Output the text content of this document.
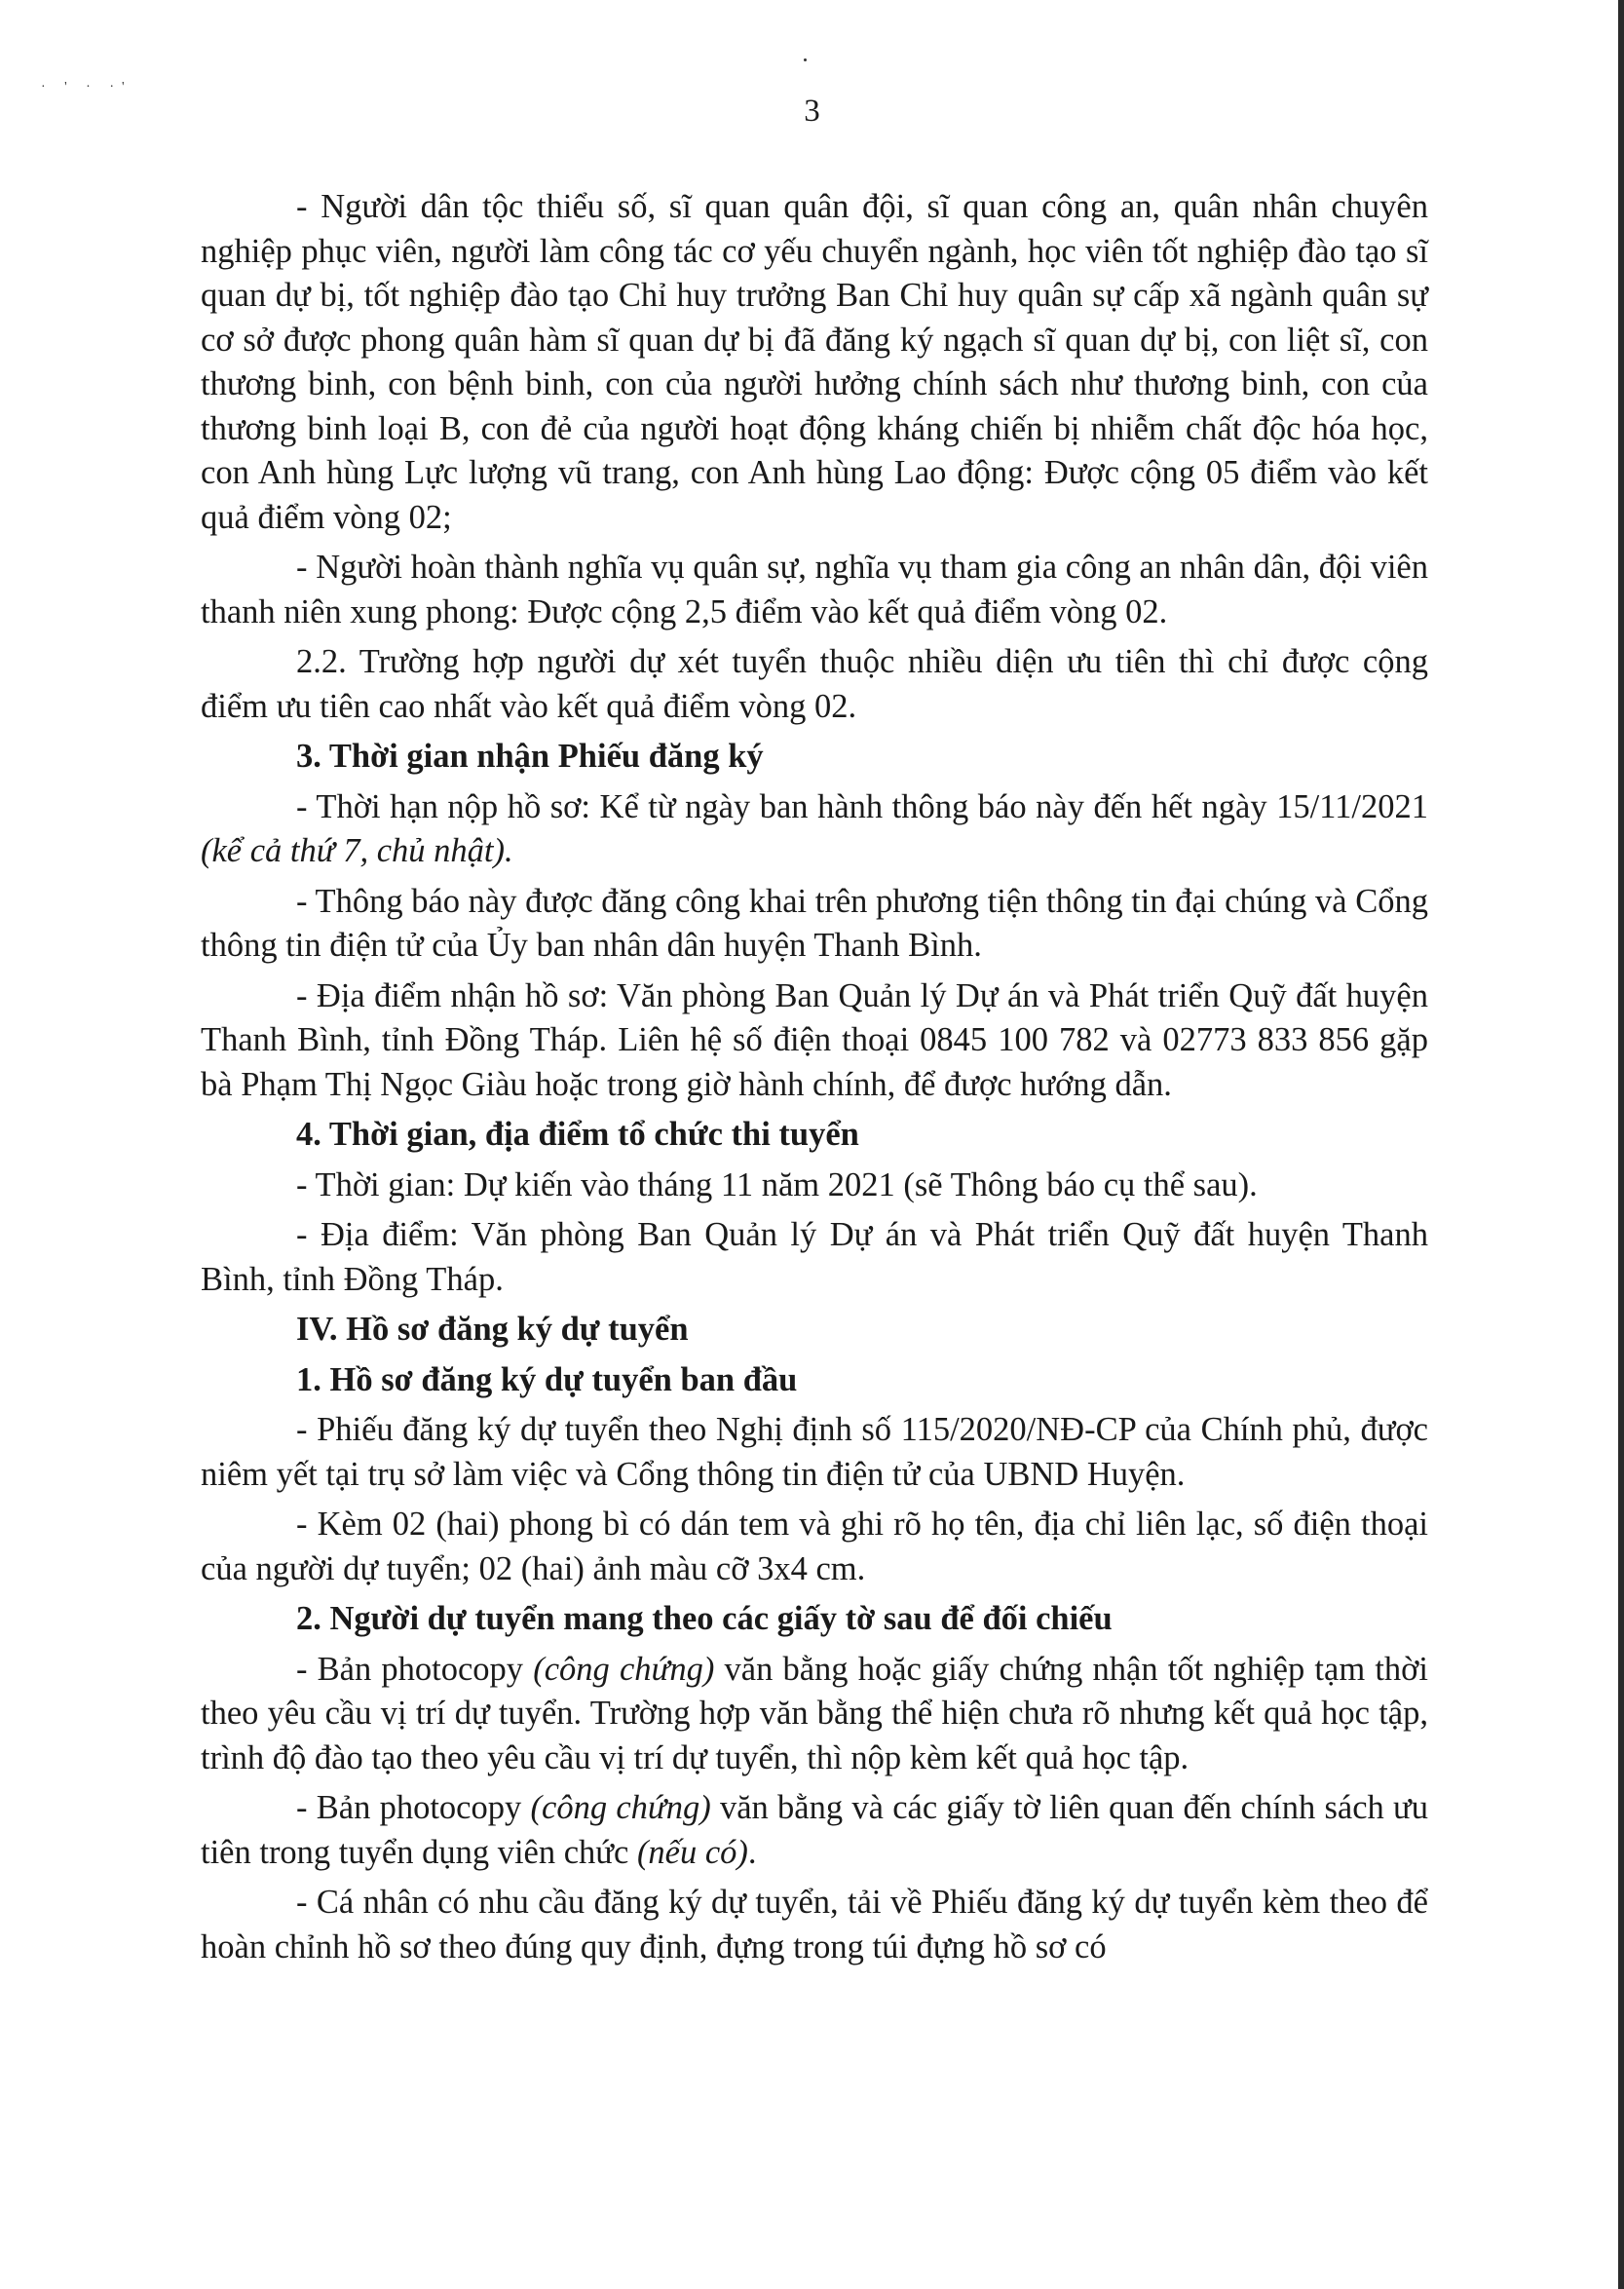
· ' · ·'
3

- Người dân tộc thiểu số, sĩ quan quân đội, sĩ quan công an, quân nhân chuyên nghiệp phục viên, người làm công tác cơ yếu chuyển ngành, học viên tốt nghiệp đào tạo sĩ quan dự bị, tốt nghiệp đào tạo Chỉ huy trưởng Ban Chỉ huy quân sự cấp xã ngành quân sự cơ sở được phong quân hàm sĩ quan dự bị đã đăng ký ngạch sĩ quan dự bị, con liệt sĩ, con thương binh, con bệnh binh, con của người hưởng chính sách như thương binh, con của thương binh loại B, con đẻ của người hoạt động kháng chiến bị nhiễm chất độc hóa học, con Anh hùng Lực lượng vũ trang, con Anh hùng Lao động: Được cộng 05 điểm vào kết quả điểm vòng 02;

- Người hoàn thành nghĩa vụ quân sự, nghĩa vụ tham gia công an nhân dân, đội viên thanh niên xung phong: Được cộng 2,5 điểm vào kết quả điểm vòng 02.

2.2. Trường hợp người dự xét tuyển thuộc nhiều diện ưu tiên thì chỉ được cộng điểm ưu tiên cao nhất vào kết quả điểm vòng 02.

3. Thời gian nhận Phiếu đăng ký

- Thời hạn nộp hồ sơ: Kể từ ngày ban hành thông báo này đến hết ngày 15/11/2021 (kể cả thứ 7, chủ nhật).

- Thông báo này được đăng công khai trên phương tiện thông tin đại chúng và Cổng thông tin điện tử của Ủy ban nhân dân huyện Thanh Bình.

- Địa điểm nhận hồ sơ: Văn phòng Ban Quản lý Dự án và Phát triển Quỹ đất huyện Thanh Bình, tỉnh Đồng Tháp. Liên hệ số điện thoại 0845 100 782 và 02773 833 856 gặp bà Phạm Thị Ngọc Giàu hoặc trong giờ hành chính, để được hướng dẫn.

4. Thời gian, địa điểm tổ chức thi tuyển

- Thời gian: Dự kiến vào tháng 11 năm 2021 (sẽ Thông báo cụ thể sau).

- Địa điểm: Văn phòng Ban Quản lý Dự án và Phát triển Quỹ đất huyện Thanh Bình, tỉnh Đồng Tháp.

IV. Hồ sơ đăng ký dự tuyển

1. Hồ sơ đăng ký dự tuyển ban đầu

- Phiếu đăng ký dự tuyển theo Nghị định số 115/2020/NĐ-CP của Chính phủ, được niêm yết tại trụ sở làm việc và Cổng thông tin điện tử của UBND Huyện.

- Kèm 02 (hai) phong bì có dán tem và ghi rõ họ tên, địa chỉ liên lạc, số điện thoại của người dự tuyển; 02 (hai) ảnh màu cỡ 3x4 cm.

2. Người dự tuyển mang theo các giấy tờ sau để đối chiếu

- Bản photocopy (công chứng) văn bằng hoặc giấy chứng nhận tốt nghiệp tạm thời theo yêu cầu vị trí dự tuyển. Trường hợp văn bằng thể hiện chưa rõ nhưng kết quả học tập, trình độ đào tạo theo yêu cầu vị trí dự tuyển, thì nộp kèm kết quả học tập.

- Bản photocopy (công chứng) văn bằng và các giấy tờ liên quan đến chính sách ưu tiên trong tuyển dụng viên chức (nếu có).

- Cá nhân có nhu cầu đăng ký dự tuyển, tải về Phiếu đăng ký dự tuyển kèm theo để hoàn chỉnh hồ sơ theo đúng quy định, đựng trong túi đựng hồ sơ có
